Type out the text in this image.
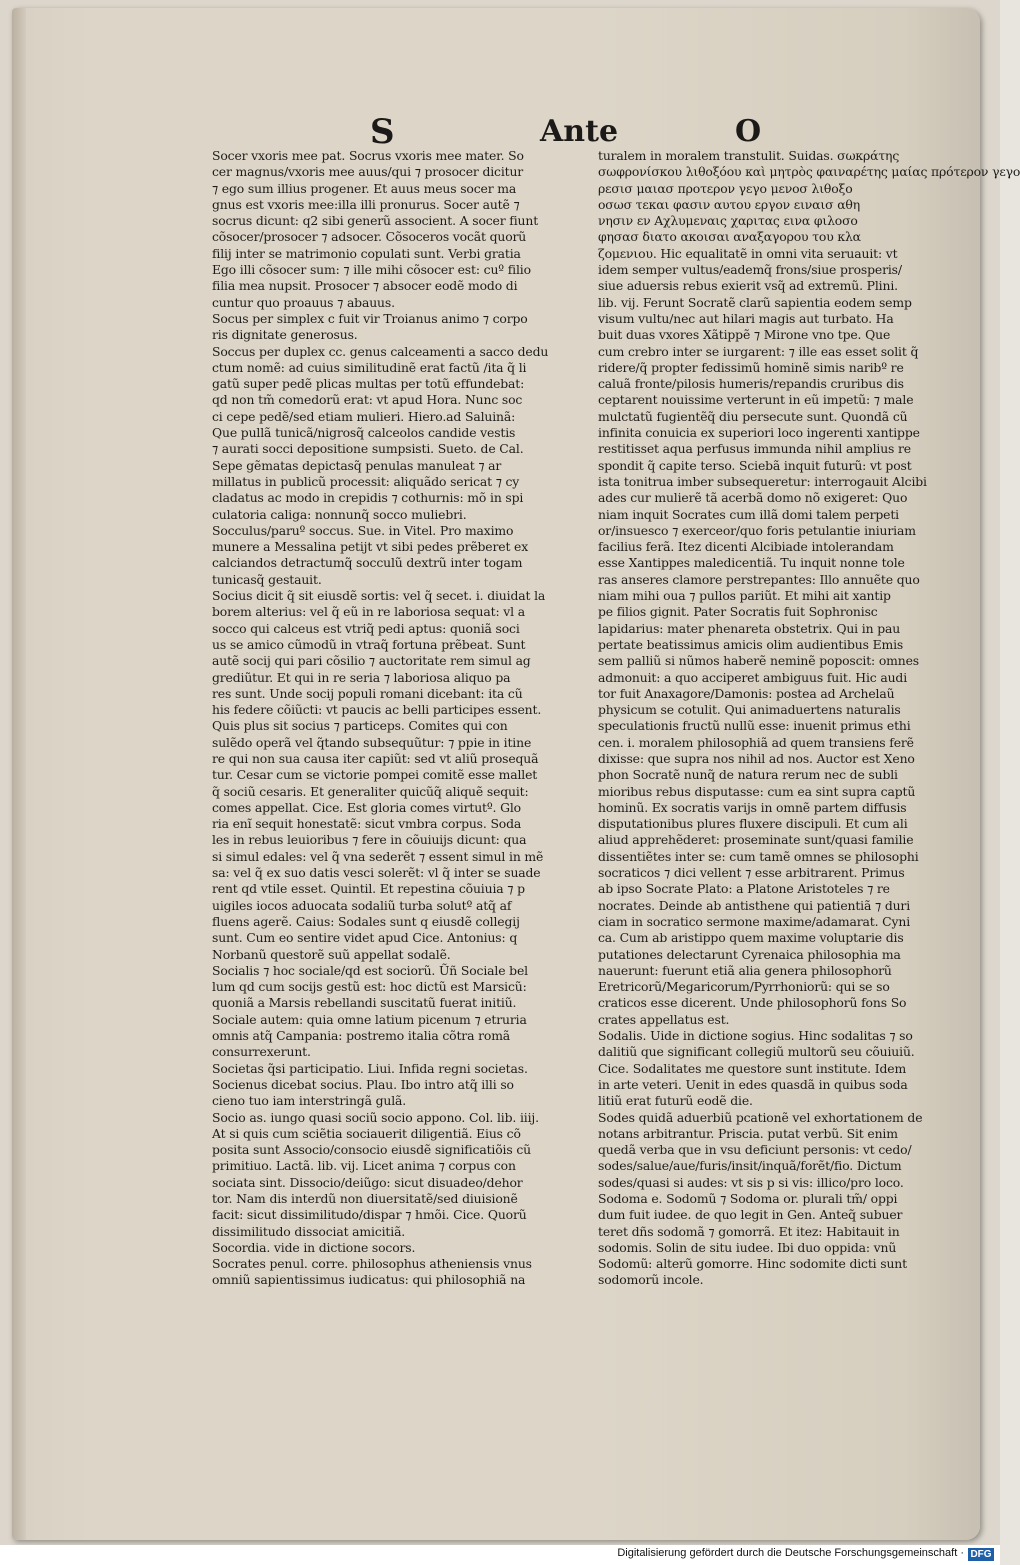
S	Ante	O
Socer vxoris mee pat. Socrus vxoris mee mater. So
cer magnus/vxoris mee auus/qui ⁊ prosocer dicitur
⁊ ego sum illius progener. Et auus meus socer ma
gnus est vxoris mee:illa illi pronurus. Socer autẽ ⁊
socrus dicunt: q2 sibi generũ associent. A socer fiunt
cõsocer/prosocer ⁊ adsocer. Cõsoceros vocãt quorũ
filij inter se matrimonio copulati sunt. Verbi gratia
Ego illi cõsocer sum: ⁊ ille mihi cõsocer est: cuº filio
filia mea nupsit. Prosocer ⁊ absocer eodẽ modo di
cuntur quo proauus ⁊ abauus.
Socus per simplex c fuit vir Troianus animo ⁊ corpo
ris dignitate generosus.
Soccus per duplex cc. genus calceamenti a sacco dedu
ctum nomẽ: ad cuius similitudinẽ erat factũ /ita q̃ li
gatũ super pedẽ plicas multas per totũ effundebat:
qd non tm̃ comedorũ erat: vt apud Hora. Nunc soc
ci cepe pedẽ/sed etiam mulieri. Hiero.ad Saluinã:
Que pullã tunicã/nigrosq̃ calceolos candide vestis
⁊ aurati socci depositione sumpsisti. Sueto. de Cal.
Sepe gẽmatas depictasq̃ penulas manuleat ⁊ ar
millatus in publicũ processit: aliquãdo sericat ⁊ cy
cladatus ac modo in crepidis ⁊ cothurnis: mõ in spi
culatoria caliga: nonnunq̃ socco muliebri.
Socculus/paruº soccus. Sue. in Vitel. Pro maximo
munere a Messalina petijt vt sibi pedes prẽberet ex
calciandos detractumq̃ socculũ dextrũ inter togam
tunicasq̃ gestauit.
Socius dicit q̃ sit eiusdẽ sortis: vel q̃ secet. i. diuidat la
borem alterius: vel q̃ eũ in re laboriosa sequat: vl a
socco qui calceus est vtriq̃ pedi aptus: quoniã soci
us se amico cũmodũ in vtraq̃ fortuna prẽbeat. Sunt
autẽ socij qui pari cõsilio ⁊ auctoritate rem simul ag
grediũtur. Et qui in re seria ⁊ laboriosa aliquo pa
res sunt. Unde socij populi romani dicebant: ita cũ
his federe cõiũcti: vt paucis ac belli participes essent.
Quis plus sit socius ⁊ particeps. Comites qui con
sulẽdo operã vel q̃tando subsequũtur: ⁊ ppie in itine
re qui non sua causa iter capiũt: sed vt aliũ prosequã
tur. Cesar cum se victorie pompei comitẽ esse mallet
q̃ sociũ cesaris. Et generaliter quicũq̃ aliquẽ sequit:
comes appellat. Cice. Est gloria comes virtutº. Glo
ria enĩ sequit honestatẽ: sicut vmbra corpus. Soda
les in rebus leuioribus ⁊ fere in cõuiuijs dicunt: qua
si simul edales: vel q̃ vna sederẽt ⁊ essent simul in mẽ
sa: vel q̃ ex suo datis vesci solerẽt: vl q̃ inter se suade
rent qd vtile esset. Quintil. Et repestina cõuiuia ⁊ p
uigiles iocos aduocata sodaliũ turba solutº atq̃ af
fluens agerẽ. Caius: Sodales sunt q eiusdẽ collegij
sunt. Cum eo sentire videt apud Cice. Antonius: q
Norbanũ questorẽ suũ appellat sodalẽ.
Socialis ⁊ hoc sociale/qd est sociorũ. Ũñ Sociale bel
lum qd cum socijs gestũ est: hoc dictũ est Marsicũ:
quoniã a Marsis rebellandi suscitatũ fuerat initiũ.
Sociale autem: quia omne latium picenum ⁊ etruria
omnis atq̃ Campania: postremo italia cõtra romã
consurrexerunt.
Societas q̃si participatio. Liui. Infida regni societas.
Socienus dicebat socius. Plau. Ibo intro atq̃ illi so
cieno tuo iam interstringã gulã.
Socio as. iungo quasi sociũ socio appono. Col. lib. iiij.
At si quis cum sciẽtia sociauerit diligentiã. Eius cõ
posita sunt Associo/consocio eiusdẽ significatiõis cũ
primitiuo. Lactã. lib. vij. Licet anima ⁊ corpus con
sociata sint. Dissocio/deiũgo: sicut disuadeo/dehor
tor. Nam dis interdũ non diuersitatẽ/sed diuisionẽ
facit: sicut dissimilitudo/dispar ⁊ hmõi. Cice. Quorũ
dissimilitudo dissociat amicitiã.
Socordia. vide in dictione socors.
Socrates penul. corre. philosophus atheniensis vnus
omniũ sapientissimus iudicatus: qui philosophiã na
turalem in moralem transtulit. Suidas. σωκράτης
σωφρονίσκου λιθοξόου καὶ μητρὸς φαιναρέτης μαίας πρότερον γεγο
ρεσισ μαιασ προτερον γεγο μενοσ λιθοξο
οσωσ τεκαι φασιν αυτου εργον ειναισ αθη
νησιν εν Αχλυμεναις χαριτας εινα φιλοσο
φησασ διατο ακοισαι αναξαγορου του κλα
ζομενιου. Hic equalitatẽ in omni vita seruauit: vt
idem semper vultus/eademq̃ frons/siue prosperis/
siue aduersis rebus exierit vsq̃ ad extremũ. Plini.
lib. vij. Ferunt Socratẽ clarũ sapientia eodem semp
visum vultu/nec aut hilari magis aut turbato. Ha
buit duas vxores Xãtippẽ ⁊ Mirone vno tpe. Que
cum crebro inter se iurgarent: ⁊ ille eas esset solit q̃
ridere/q̃ propter fedissimũ hominẽ simis naribº re
caluã fronte/pilosis humeris/repandis cruribus dis
ceptarent nouissime verterunt in eũ impetũ: ⁊ male
mulctatũ fugientẽq̃ diu persecute sunt. Quondã cũ
infinita conuicia ex superiori loco ingerenti xantippe
restitisset aqua perfusus immunda nihil amplius re
spondit q̃ capite terso. Sciebã inquit futurũ: vt post
ista tonitrua imber subsequeretur: interrogauit Alcibi
ades cur mulierẽ tã acerbã domo nõ exigeret: Quo
niam inquit Socrates cum illã domi talem perpeti
or/insuesco ⁊ exerceor/quo foris petulantie iniuriam
facilius ferã. Itez dicenti Alcibiade intolerandam
esse Xantippes maledicentiã. Tu inquit nonne tole
ras anseres clamore perstrepantes: Illo annuẽte quo
niam mihi oua ⁊ pullos pariũt. Et mihi ait xantip
pe filios gignit. Pater Socratis fuit Sophronisc
lapidarius: mater phenareta obstetrix. Qui in pau
pertate beatissimus amicis olim audientibus Emis
sem palliũ si nũmos haberẽ neminẽ poposcit: omnes
admonuit: a quo acciperet ambiguus fuit. Hic audi
tor fuit Anaxagore/Damonis: postea ad Archelaũ
physicum se cotulit. Qui animaduertens naturalis
speculationis fructũ nullũ esse: inuenit primus ethi
cen. i. moralem philosophiã ad quem transiens ferẽ
dixisse: que supra nos nihil ad nos. Auctor est Xeno
phon Socratẽ nunq̃ de natura rerum nec de subli
mioribus rebus disputasse: cum ea sint supra captũ
hominũ. Ex socratis varijs in omnẽ partem diffusis
disputationibus plures fluxere discipuli. Et cum ali
aliud apprehẽderet: proseminate sunt/quasi familie
dissentiẽtes inter se: cum tamẽ omnes se philosophi
socraticos ⁊ dici vellent ⁊ esse arbitrarent. Primus
ab ipso Socrate Plato: a Platone Aristoteles ⁊ re
nocrates. Deinde ab antisthene qui patientiã ⁊ duri
ciam in socratico sermone maxime/adamarat. Cyni
ca. Cum ab aristippo quem maxime voluptarie dis
putationes delectarunt Cyrenaica philosophia ma
nauerunt: fuerunt etiã alia genera philosophorũ
Eretricorũ/Megaricorum/Pyrrhoniorũ: qui se so
craticos esse dicerent. Unde philosophorũ fons So
crates appellatus est.
Sodalis. Uide in dictione sogius. Hinc sodalitas ⁊ so
dalitiũ que significant collegiũ multorũ seu cõuiuiũ.
Cice. Sodalitates me questore sunt institute. Idem
in arte veteri. Uenit in edes quasdã in quibus soda
litiũ erat futurũ eodẽ die.
Sodes quidã aduerbiũ pcationẽ vel exhortationem de
notans arbitrantur. Priscia. putat verbũ. Sit enim
quedã verba que in vsu deficiunt personis: vt cedo/
sodes/salue/aue/furis/insit/inquã/forẽt/fio. Dictum
sodes/quasi si audes: vt sis p si vis: illico/pro loco.
Sodoma e. Sodomũ ⁊ Sodoma or. plurali tm̃/ oppi
dum fuit iudee. de quo legit in Gen. Anteq̃ subuer
teret dñs sodomã ⁊ gomorrã. Et itez: Habitauit in
sodomis. Solin de situ iudee. Ibi duo oppida: vnũ
Sodomũ: alterũ gomorre. Hinc sodomite dicti sunt
sodomorũ incole.
Digitalisierung gefördert durch die Deutsche Forschungsgemeinschaft · DFG
